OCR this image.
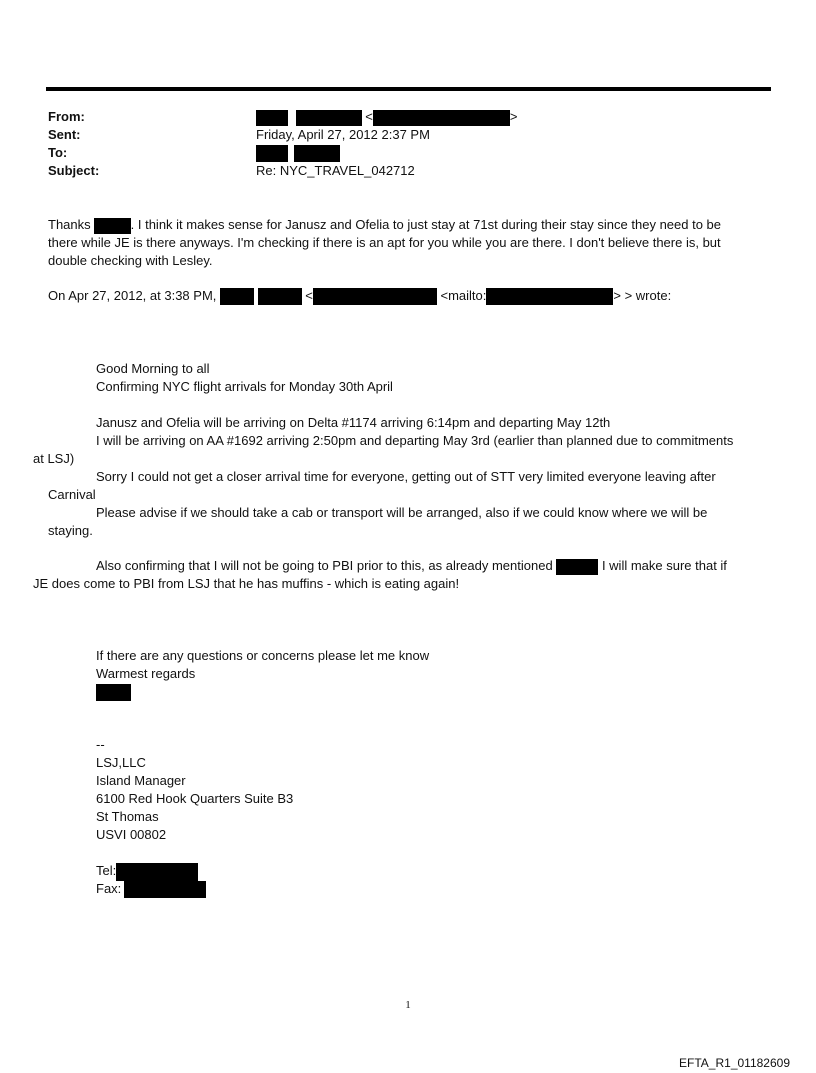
From:	<	>
Sent:	Friday, April 27, 2012 2:37 PM
To:

Subject:	Re: NYC_TRAVEL_042712
Thanks	. I think it makes sense for Janusz and Ofelia to just stay at 71st during their stay since they need to be
there while JE is there anyways. I'm checking if there is an apt for you while you are there. I don't believe there is, but
double checking with Lesley.
On Apr 27, 2012, at 3:38 PM,	<	<mailto:	> > wrote:
Good Morning to all
Confirming NYC flight arrivals for Monday 30th April
Janusz and Ofelia will be arriving on Delta #1174 arriving 6:14pm and departing May 12th
I will be arriving on AA #1692 arriving 2:50pm and departing May 3rd (earlier than planned due to commitments
at LSJ)
Sorry I could not get a closer arrival time for everyone, getting out of STT very limited everyone leaving after
Carnival
Please advise if we should take a cab or transport will be arranged, also if we could know where we will be
staying.
Also confirming that I will not be going to PBI prior to this, as already mentioned	I will make sure that if
JE does come to PBI from LSJ that he has muffins - which is eating again!
If there are any questions or concerns please let me know
Warmest regards
--
LSJ,LLC
Island Manager
6100 Red Hook Quarters Suite B3
St Thomas
USVI 00802
Tel:
Fax:
1
EFTA_R1_01182609
